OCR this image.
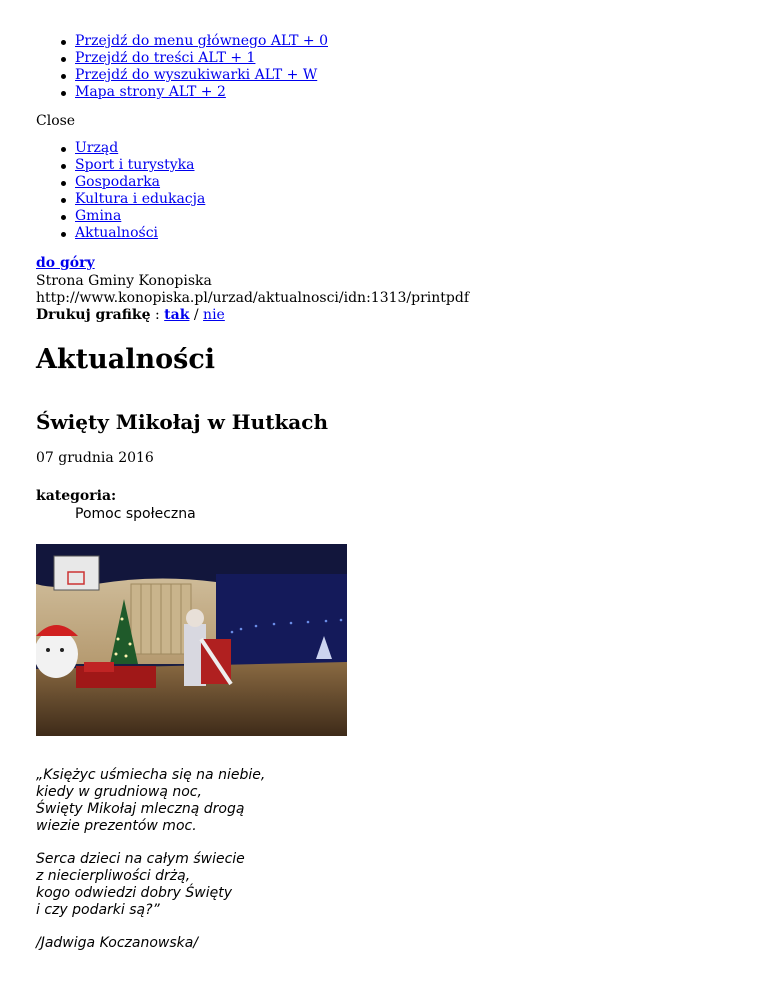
Przejdź do menu głównego ALT + 0
Przejdź do treści ALT + 1
Przejdź do wyszukiwarki ALT + W
Mapa strony ALT + 2
Close
Urząd
Sport i turystyka
Gospodarka
Kultura i edukacja
Gmina
Aktualności
do góry
Strona Gminy Konopiska
http://www.konopiska.pl/urzad/aktualnosci/idn:1313/printpdf
Drukuj grafikę : tak / nie
Aktualności
Święty Mikołaj w Hutkach
07 grudnia 2016
kategoria:
Pomoc społeczna
„Księżyc uśmiecha się na niebie,
kiedy w grudniową noc,
Święty Mikołaj mleczną drogą
wiezie prezentów moc.
Serca dzieci na całym świecie
z niecierpliwości drżą,
kogo odwiedzi dobry Święty
i czy podarki są?”
/Jadwiga Koczanowska/
